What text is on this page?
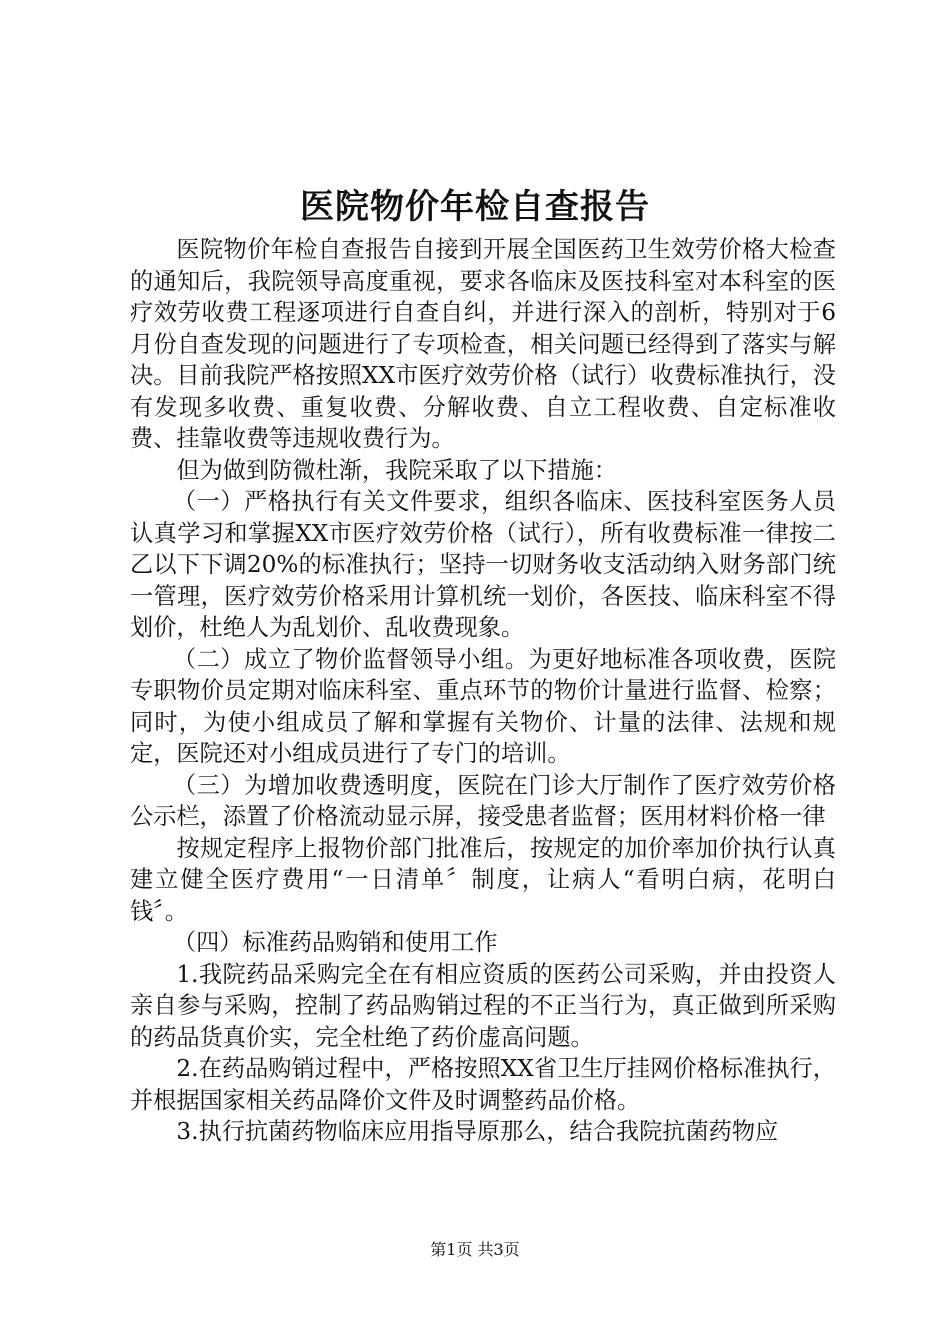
医院物价年检自查报告

医院物价年检自查报告自接到开展全国医药卫生效劳价格大检查的通知后，我院领导高度重视，要求各临床及医技科室对本科室的医疗效劳收费工程逐项进行自查自纠，并进行深入的剖析，特别对于6月份自查发现的问题进行了专项检查，相关问题已经得到了落实与解决。目前我院严格按照XX市医疗效劳价格（试行）收费标准执行，没有发现多收费、重复收费、分解收费、自立工程收费、自定标准收费、挂靠收费等违规收费行为。

但为做到防微杜渐，我院采取了以下措施：

（一）严格执行有关文件要求，组织各临床、医技科室医务人员认真学习和掌握XX市医疗效劳价格（试行），所有收费标准一律按二乙以下下调20%的标准执行；坚持一切财务收支活动纳入财务部门统一管理，医疗效劳价格采用计算机统一划价，各医技、临床科室不得划价，杜绝人为乱划价、乱收费现象。

（二）成立了物价监督领导小组。为更好地标准各项收费，医院专职物价员定期对临床科室、重点环节的物价计量进行监督、检察；同时，为使小组成员了解和掌握有关物价、计量的法律、法规和规定，医院还对小组成员进行了专门的培训。

（三）为增加收费透明度，医院在门诊大厅制作了医疗效劳价格公示栏，添置了价格流动显示屏，接受患者监督；医用材料价格一律

按规定程序上报物价部门批准后，按规定的加价率加价执行认真建立健全医疗费用“一日清单〞制度，让病人“看明白病，花明白钱〞。

（四）标准药品购销和使用工作

1.我院药品采购完全在有相应资质的医药公司采购，并由投资人亲自参与采购，控制了药品购销过程的不正当行为，真正做到所采购的药品货真价实，完全杜绝了药价虚高问题。

2.在药品购销过程中，严格按照XX省卫生厅挂网价格标准执行，并根据国家相关药品降价文件及时调整药品价格。

3.执行抗菌药物临床应用指导原那么，结合我院抗菌药物应

第1页 共3页
